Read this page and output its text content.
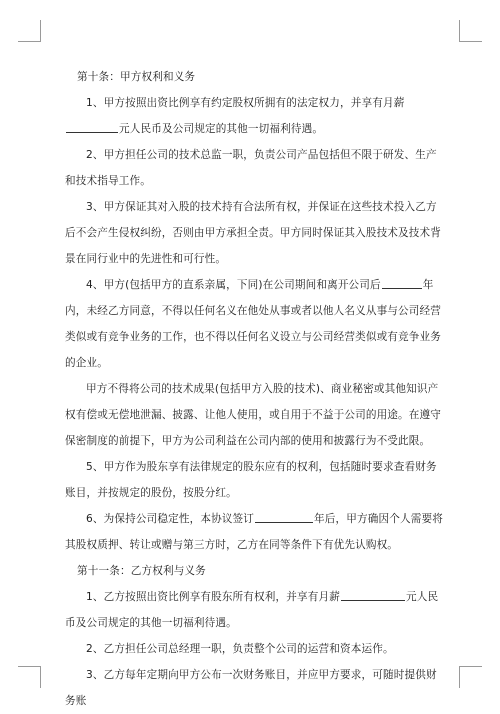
第十条：甲方权利和义务

1、甲方按照出资比例享有约定股权所拥有的法定权力，并享有月薪元人民币及公司规定的其他一切福利待遇。

2、甲方担任公司的技术总监一职，负责公司产品包括但不限于研发、生产和技术指导工作。

3、甲方保证其对入股的技术持有合法所有权，并保证在这些技术投入乙方后不会产生侵权纠纷，否则由甲方承担全责。甲方同时保证其入股技术及技术背景在同行业中的先进性和可行性。

4、甲方(包括甲方的直系亲属，下同)在公司期间和离开公司后	年内，未经乙方同意，不得以任何名义在他处从事或者以他人名义从事与公司经营类似或有竞争业务的工作，也不得以任何名义设立与公司经营类似或有竞争业务的企业。

甲方不得将公司的技术成果(包括甲方入股的技术)、商业秘密或其他知识产权有偿或无偿地泄漏、披露、让他人使用，或自用于不益于公司的用途。在遵守保密制度的前提下，甲方为公司利益在公司内部的使用和披露行为不受此限。

5、甲方作为股东享有法律规定的股东应有的权利，包括随时要求查看财务账目，并按规定的股份，按股分红。

6、为保持公司稳定性，本协议签订	年后，甲方确因个人需要将其股权质押、转让或赠与第三方时，乙方在同等条件下有优先认购权。

第十一条：乙方权利与义务

1、乙方按照出资比例享有股东所有权利，并享有月薪	元人民币及公司规定的其他一切福利待遇。

2、乙方担任公司总经理一职，负责整个公司的运营和资本运作。

3、乙方每年定期向甲方公布一次财务账目，并应甲方要求，可随时提供财务账
